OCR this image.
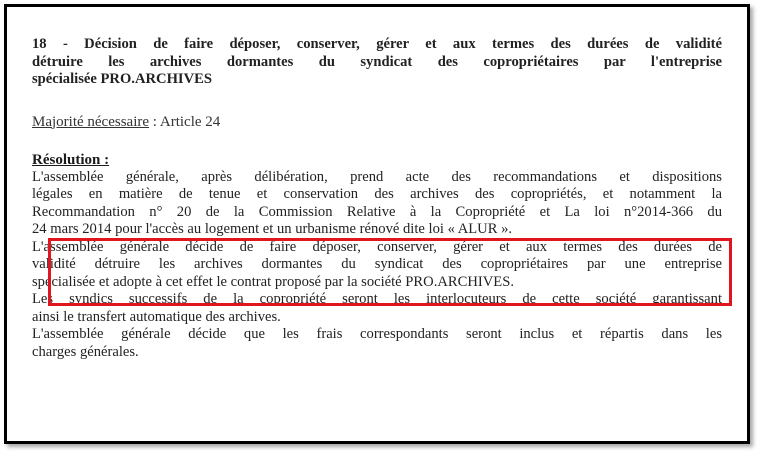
18 - Décision de faire déposer, conserver, gérer et aux termes des durées de validité
détruire les archives dormantes du syndicat des copropriétaires par l'entreprise
spécialisée PRO.ARCHIVES
Majorité nécessaire : Article 24
Résolution :
L'assemblée générale, après délibération, prend acte des recommandations et dispositions
légales en matière de tenue et conservation des archives des copropriétés, et notamment la
Recommandation n° 20 de la Commission Relative à la Copropriété et La loi n°2014-366 du
24 mars 2014 pour l'accès au logement et un urbanisme rénové dite loi « ALUR ».
L'assemblée générale décide de faire déposer, conserver, gérer et aux termes des durées de
validité détruire les archives dormantes du syndicat des copropriétaires par une entreprise
spécialisée et adopte à cet effet le contrat proposé par la société PRO.ARCHIVES.
Les syndics successifs de la copropriété seront les interlocuteurs de cette société garantissant
ainsi le transfert automatique des archives.
L'assemblée générale décide que les frais correspondants seront inclus et répartis dans les
charges générales.
